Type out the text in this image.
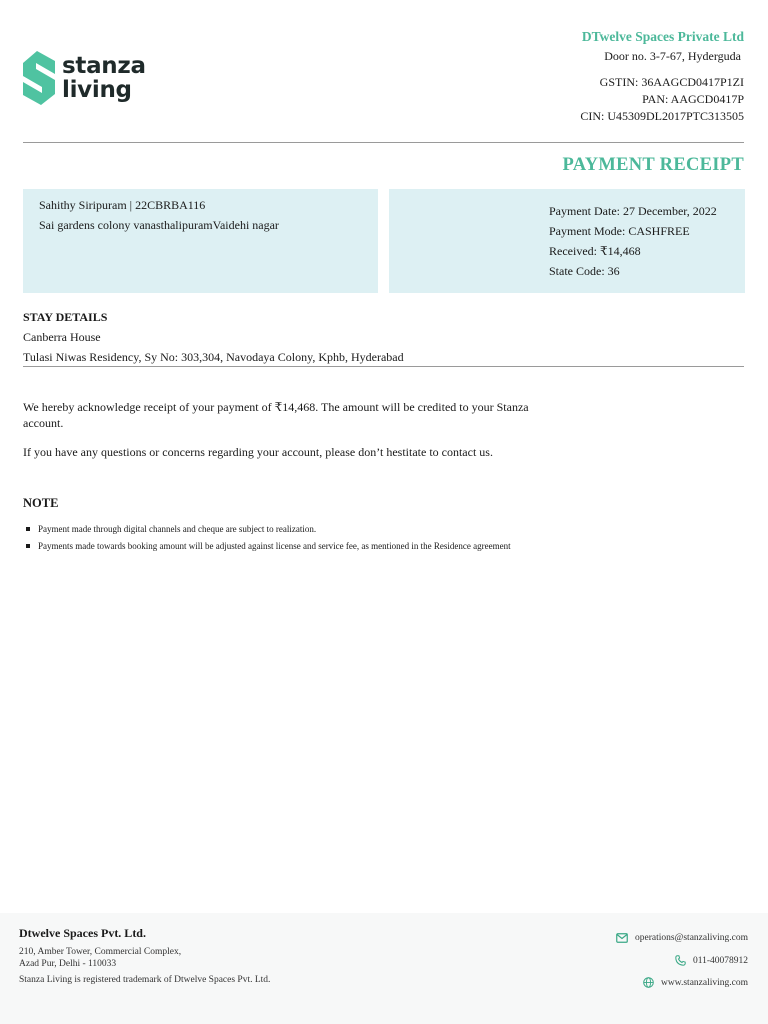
stanza
living
DTwelve Spaces Private Ltd
Door no. 3-7-67, Hyderguda
GSTIN: 36AAGCD0417P1ZI
PAN: AAGCD0417P
CIN: U45309DL2017PTC313505
PAYMENT RECEIPT
Sahithy Siripuram | 22CBRBA116
Sai gardens colony vanasthalipuramVaidehi nagar
Payment Date: 27 December, 2022
Payment Mode: CASHFREE
Received: ₹14,468
State Code: 36
STAY DETAILS
Canberra House
Tulasi Niwas Residency, Sy No: 303,304, Navodaya Colony, Kphb, Hyderabad
We hereby acknowledge receipt of your payment of ₹14,468. The amount will be credited to your Stanza account.
If you have any questions or concerns regarding your account, please don’t hestitate to contact us.
NOTE
Payment made through digital channels and cheque are subject to realization.
Payments made towards booking amount will be adjusted against license and service fee, as mentioned in the Residence agreement
Dtwelve Spaces Pvt. Ltd.
210, Amber Tower, Commercial Complex,
Azad Pur, Delhi - 110033
Stanza Living is registered trademark of Dtwelve Spaces Pvt. Ltd.
operations@stanzaliving.com
011-40078912
www.stanzaliving.com
